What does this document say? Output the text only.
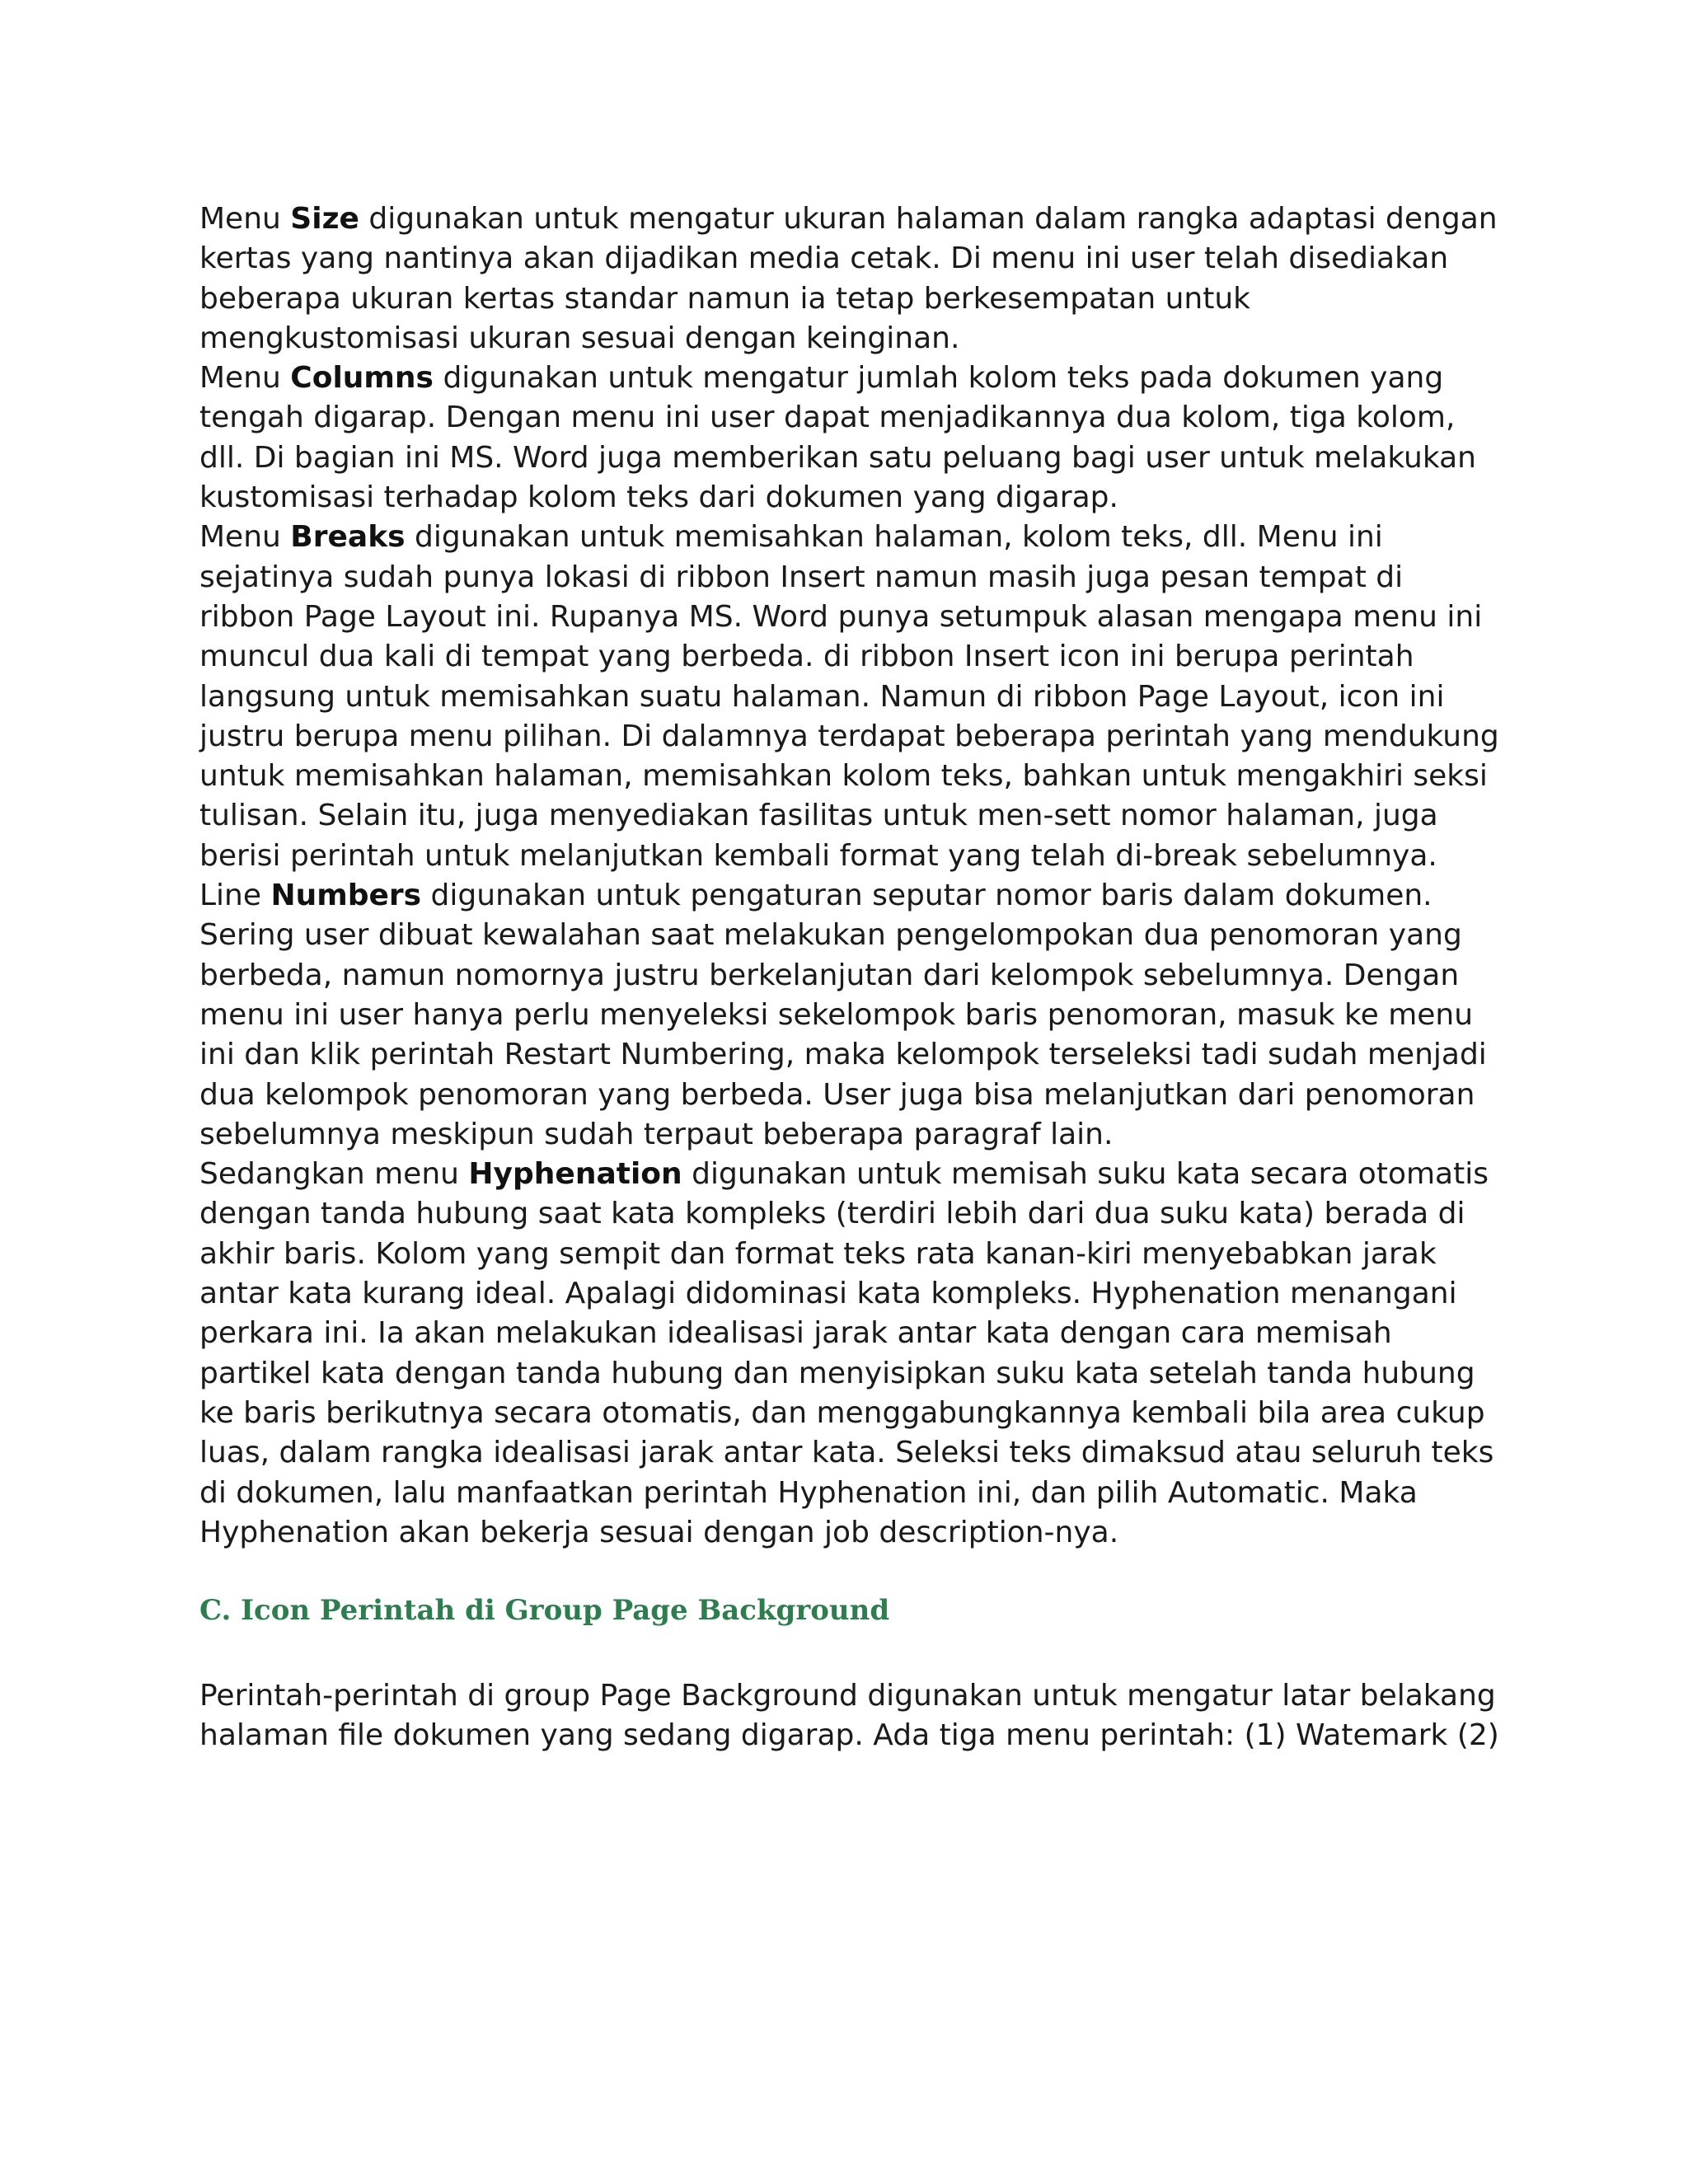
Menu Size digunakan untuk mengatur ukuran halaman dalam rangka adaptasi dengan kertas yang nantinya akan dijadikan media cetak. Di menu ini user telah disediakan beberapa ukuran kertas standar namun ia tetap berkesempatan untuk mengkustomisasi ukuran sesuai dengan keinginan.

Menu Columns digunakan untuk mengatur jumlah kolom teks pada dokumen yang tengah digarap. Dengan menu ini user dapat menjadikannya dua kolom, tiga kolom, dll. Di bagian ini MS. Word juga memberikan satu peluang bagi user untuk melakukan kustomisasi terhadap kolom teks dari dokumen yang digarap.

Menu Breaks digunakan untuk memisahkan halaman, kolom teks, dll. Menu ini sejatinya sudah punya lokasi di ribbon Insert namun masih juga pesan tempat di ribbon Page Layout ini. Rupanya MS. Word punya setumpuk alasan mengapa menu ini muncul dua kali di tempat yang berbeda. di ribbon Insert icon ini berupa perintah langsung untuk memisahkan suatu halaman. Namun di ribbon Page Layout, icon ini justru berupa menu pilihan. Di dalamnya terdapat beberapa perintah yang mendukung untuk memisahkan halaman, memisahkan kolom teks, bahkan untuk mengakhiri seksi tulisan. Selain itu, juga menyediakan fasilitas untuk men-sett nomor halaman, juga berisi perintah untuk melanjutkan kembali format yang telah di-break sebelumnya.

Line Numbers digunakan untuk pengaturan seputar nomor baris dalam dokumen. Sering user dibuat kewalahan saat melakukan pengelompokan dua penomoran yang berbeda, namun nomornya justru berkelanjutan dari kelompok sebelumnya. Dengan menu ini user hanya perlu menyeleksi sekelompok baris penomoran, masuk ke menu ini dan klik perintah Restart Numbering, maka kelompok terseleksi tadi sudah menjadi dua kelompok penomoran yang berbeda. User juga bisa melanjutkan dari penomoran sebelumnya meskipun sudah terpaut beberapa paragraf lain.

Sedangkan menu Hyphenation digunakan untuk memisah suku kata secara otomatis dengan tanda hubung saat kata kompleks (terdiri lebih dari dua suku kata) berada di akhir baris. Kolom yang sempit dan format teks rata kanan-kiri menyebabkan jarak antar kata kurang ideal. Apalagi didominasi kata kompleks. Hyphenation menangani perkara ini. Ia akan melakukan idealisasi jarak antar kata dengan cara memisah partikel kata dengan tanda hubung dan menyisipkan suku kata setelah tanda hubung ke baris berikutnya secara otomatis, dan menggabungkannya kembali bila area cukup luas, dalam rangka idealisasi jarak antar kata. Seleksi teks dimaksud atau seluruh teks di dokumen, lalu manfaatkan perintah Hyphenation ini, dan pilih Automatic. Maka Hyphenation akan bekerja sesuai dengan job description-nya.

C. Icon Perintah di Group Page Background

Perintah-perintah di group Page Background digunakan untuk mengatur latar belakang halaman file dokumen yang sedang digarap. Ada tiga menu perintah: (1) Watemark (2)
